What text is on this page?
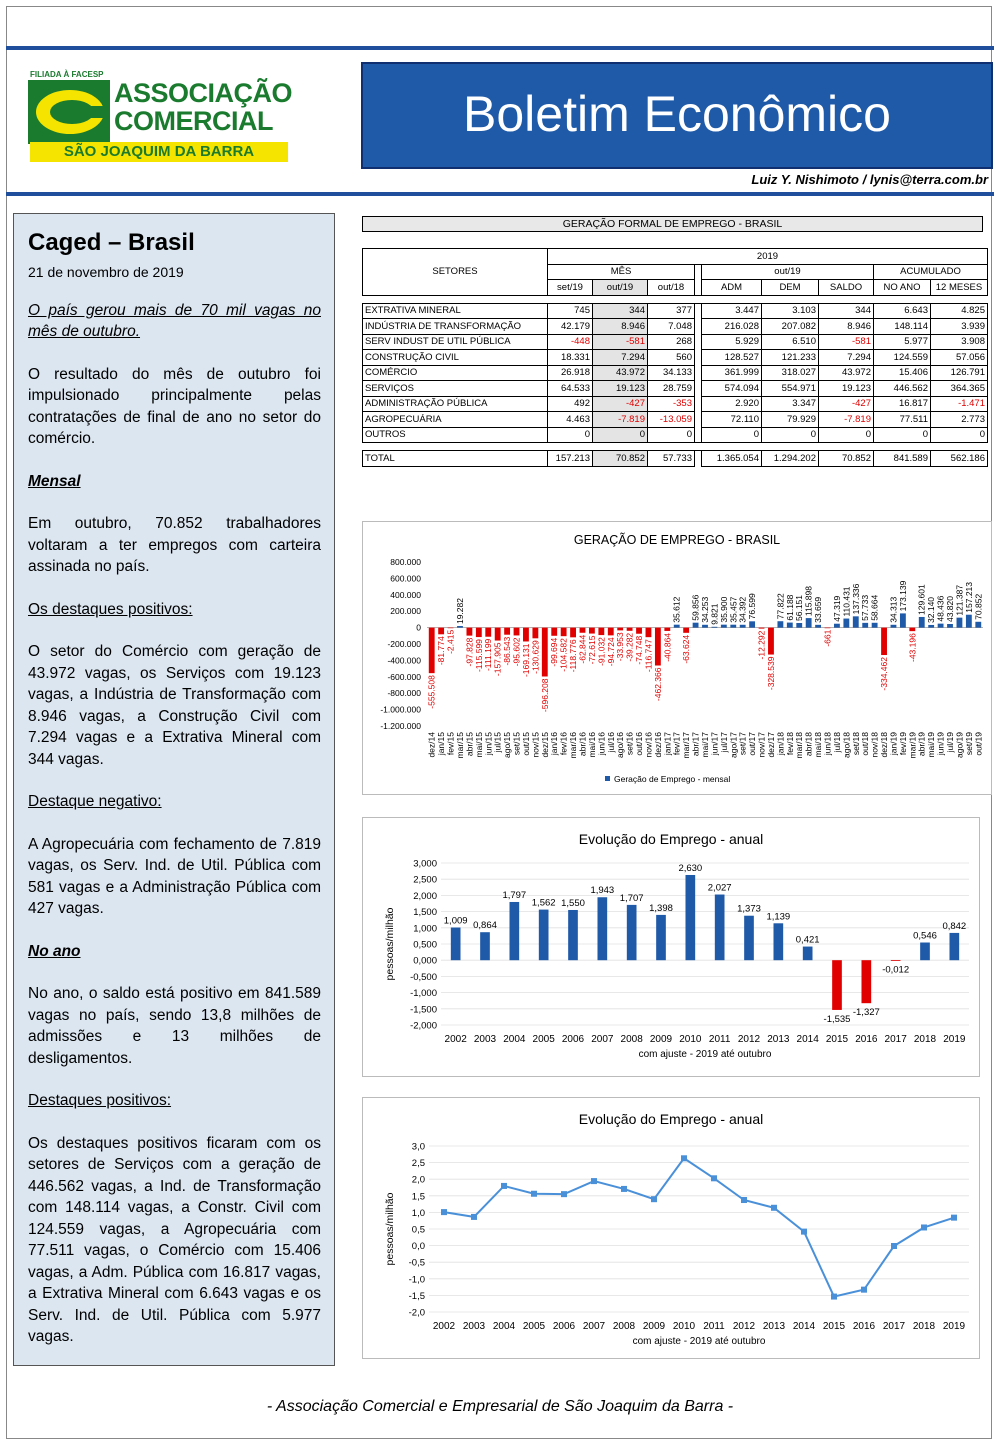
FILIADA À FACESP
ASSOCIAÇÃO
COMERCIAL
SÃO JOAQUIM DA BARRA
Boletim Econômico
Luiz Y. Nishimoto / lynis@terra.com.br
Caged – Brasil
21 de novembro de 2019

O país gerou mais de 70 mil vagas no mês de outubro.

O resultado do mês de outubro foi impulsionado principalmente pelas contratações de final de ano no setor do comércio.

Mensal

Em outubro, 70.852 trabalhadores voltaram a ter empregos com carteira assinada no país.

Os destaques positivos:

O setor do Comércio com geração de 43.972 vagas, os Serviços com 19.123 vagas, a Indústria de Transformação com 8.946 vagas, a Construção Civil com 7.294 vagas e a Extrativa Mineral com 344 vagas.

Destaque negativo:

A Agropecuária com fechamento de 7.819 vagas, os Serv. Ind. de Util. Pública com 581 vagas e a Administração Pública com 427 vagas.

No ano

No ano, o saldo está positivo em 841.589 vagas no país, sendo 13,8 milhões de admissões e 13 milhões de desligamentos.

Destaques positivos:

Os destaques positivos ficaram com os setores de Serviços com a geração de 446.562 vagas, a Ind. de Transformação com 148.114 vagas, a Constr. Civil com 124.559 vagas, a Agropecuária com 77.511 vagas, o Comércio com 15.406 vagas, a Adm. Pública com 16.817 vagas, a Extrativa Mineral com 6.643 vagas e os Serv. Ind. de Util. Pública com 5.977 vagas.

GERAÇÃO FORMAL DE EMPREGO - BRASIL
SETORES	2019								
	MÊS				out/19			ACUMULADO	
	set/19	out/19	out/18		ADM	DEM	SALDO	NO ANO	12 MESES

EXTRATIVA MINERAL	745	344	377		3.447	3.103	344	6.643	4.825
INDÚSTRIA DE TRANSFORMAÇÃO	42.179	8.946	7.048		216.028	207.082	8.946	148.114	3.939
SERV INDUST DE UTIL PÚBLICA	-448	-581	268		5.929	6.510	-581	5.977	3.908
CONSTRUÇÃO CIVIL	18.331	7.294	560		128.527	121.233	7.294	124.559	57.056
COMÉRCIO	26.918	43.972	34.133		361.999	318.027	43.972	15.406	126.791
SERVIÇOS	64.533	19.123	28.759		574.094	554.971	19.123	446.562	364.365
ADMINISTRAÇÃO PÚBLICA	492	-427	-353		2.920	3.347	-427	16.817	-1.471
AGROPECUÁRIA	4.463	-7.819	-13.059		72.110	79.929	-7.819	77.511	2.773
OUTROS	0	0	0		0	0	0	0	0

TOTAL	157.213	70.852	57.733		1.365.054	1.294.202	70.852	841.589	562.186
GERAÇÃO DE EMPREGO - BRASIL
800.000
600.000
400.000
200.000
0
-200.000
-400.000
-600.000
-800.000
-1.000.000
-1.200.000
-555.508
dez/14
-81.774
jan/15
-2.415
fev/15
19.282
mar/15
-97.828
abr/15
-115.599
mai/15
-111.199
jun/15
-157.905
jul/15
-86.543
ago/15
-95.602
set/15
-169.131
out/15
-130.629
nov/15
-596.208
dez/15
-99.694
jan/16
-104.582
fev/16
-118.776
mar/16
-62.844
abr/16
-72.615
mai/16
-91.032
jun/16
-94.724
jul/16
-33.953
ago/16
-39.282
set/16
-74.748
out/16
-116.747
nov/16
-462.366
dez/16
-40.864
jan/17
35.612
fev/17
-63.624
mar/17
59.856
abr/17
34.253
mai/17
9.821
jun/17
35.900
jul/17
35.457
ago/17
34.392
set/17
76.599
out/17
-12.292
nov/17
-328.539
dez/17
77.822
jan/18
61.188
fev/18
56.151
mar/18
115.898
abr/18
33.659
mai/18
-661
jun/18
47.319
jul/18
110.431
ago/18
137.336
set/18
57.733
out/18
58.664
nov/18
-334.462
dez/18
34.313
jan/19
173.139
fev/19
-43.196
mar/19
129.601
abr/19
32.140
mai/19
48.436
jun/19
43.820
jul/19
121.387
ago/19
157.213
set/19
70.852
out/19
Geração de Emprego - mensal
Evolução do Emprego - anual
3,000
2,500
2,000
1,500
1,000
0,500
0,000
-0,500
-1,000
-1,500
-2,000
pessoas/milhão
com ajuste - 2019 até outubro
1,009
2002
0,864
2003
1,797
2004
1,562
2005
1,550
2006
1,943
2007
1,707
2008
1,398
2009
2,630
2010
2,027
2011
1,373
2012
1,139
2013
0,421
2014
-1,535
2015
-1,327
2016
-0,012
2017
0,546
2018
0,842
2019
Evolução do Emprego - anual
3,0
2,5
2,0
1,5
1,0
0,5
0,0
-0,5
-1,0
-1,5
-2,0
pessoas/milhão
com ajuste - 2019 até outubro
2002 2003 2004 2005 2006 2007 2008 2009 2010 2011 2012 2013 2014 2015 2016 2017 2018 2019
- Associação Comercial e Empresarial de São Joaquim da Barra -
